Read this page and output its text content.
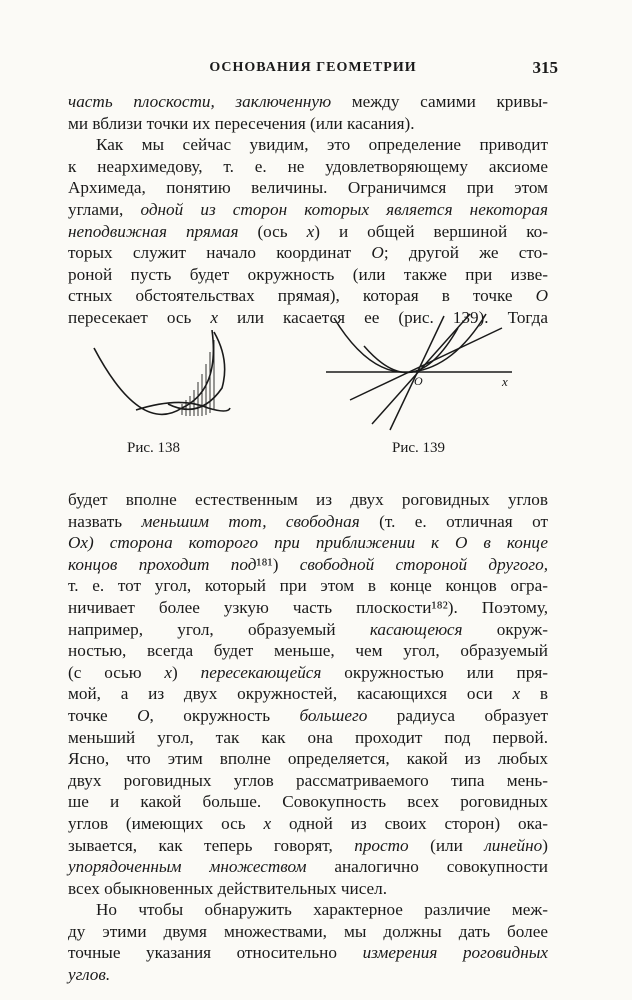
ОСНОВАНИЯ ГЕОМЕТРИИ	315
часть плоскости, заключенную между самими кривы-
ми вблизи точки их пересечения (или касания).
Как мы сейчас увидим, это определение приводит
к неархимедову, т. е. не удовлетворяющему аксиоме
Архимеда, понятию величины. Ограничимся при этом
углами, одной из сторон которых является некоторая
неподвижная прямая (ось x) и общей вершиной ко-
торых служит начало координат O; другой же сто-
роной пусть будет окружность (или также при изве-
стных обстоятельствах прямая), которая в точке O
пересекает ось x или касается ее (рис. 139). Тогда
O	x
Рис. 138	Рис. 139
будет вполне естественным из двух роговидных углов
назвать меньшим тот, свободная (т. е. отличная от
Ox) сторона которого при приближении к O в конце
концов проходит под¹⁸¹) свободной стороной другого,
т. е. тот угол, который при этом в конце концов огра-
ничивает более узкую часть плоскости¹⁸²). Поэтому,
например, угол, образуемый касающеюся окруж-
ностью, всегда будет меньше, чем угол, образуемый
(с осью x) пересекающейся окружностью или пря-
мой, а из двух окружностей, касающихся оси x в
точке O, окружность большего радиуса образует
меньший угол, так как она проходит под первой.
Ясно, что этим вполне определяется, какой из любых
двух роговидных углов рассматриваемого типа мень-
ше и какой больше. Совокупность всех роговидных
углов (имеющих ось x одной из своих сторон) ока-
зывается, как теперь говорят, просто (или линейно)
упорядоченным множеством аналогично совокупности
всех обыкновенных действительных чисел.
Но чтобы обнаружить характерное различие меж-
ду этими двумя множествами, мы должны дать более
точные указания относительно измерения роговидных
углов.
